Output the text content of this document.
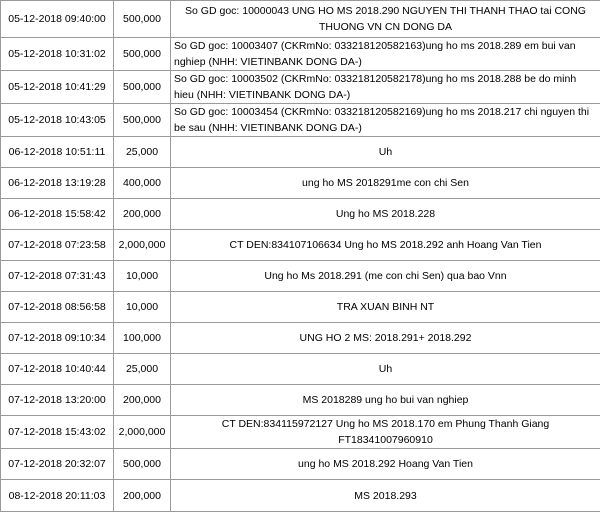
05-12-2018 09:40:00	500,000	So GD goc: 10000043 UNG HO MS 2018.290 NGUYEN THI THANH THAO tai CONG THUONG VN CN DONG DA
05-12-2018 10:31:02	500,000	So GD goc: 10003407 (CKRmNo: 033218120582163)ung ho ms 2018.289 em bui van nghiep (NHH: VIETINBANK DONG DA-)
05-12-2018 10:41:29	500,000	So GD goc: 10003502 (CKRmNo: 033218120582178)ung ho ms 2018.288 be do minh hieu (NHH: VIETINBANK DONG DA-)
05-12-2018 10:43:05	500,000	So GD goc: 10003454 (CKRmNo: 033218120582169)ung ho ms 2018.217 chi nguyen thi be sau (NHH: VIETINBANK DONG DA-)
06-12-2018 10:51:11	25,000	Uh
06-12-2018 13:19:28	400,000	ung ho MS 2018291me con chi Sen
06-12-2018 15:58:42	200,000	Ung ho MS 2018.228
07-12-2018 07:23:58	2,000,000	CT DEN:834107106634 Ung ho MS 2018.292 anh Hoang Van Tien
07-12-2018 07:31:43	10,000	Ung ho Ms 2018.291 (me con chi Sen) qua bao Vnn
07-12-2018 08:56:58	10,000	TRA XUAN BINH NT
07-12-2018 09:10:34	100,000	UNG HO 2 MS: 2018.291+ 2018.292
07-12-2018 10:40:44	25,000	Uh
07-12-2018 13:20:00	200,000	MS 2018289 ung ho bui van nghiep
07-12-2018 15:43:02	2,000,000	CT DEN:834115972127 Ung ho MS 2018.170 em Phung Thanh Giang FT18341007960910
07-12-2018 20:32:07	500,000	ung ho MS 2018.292 Hoang Van Tien
08-12-2018 20:11:03	200,000	MS 2018.293
